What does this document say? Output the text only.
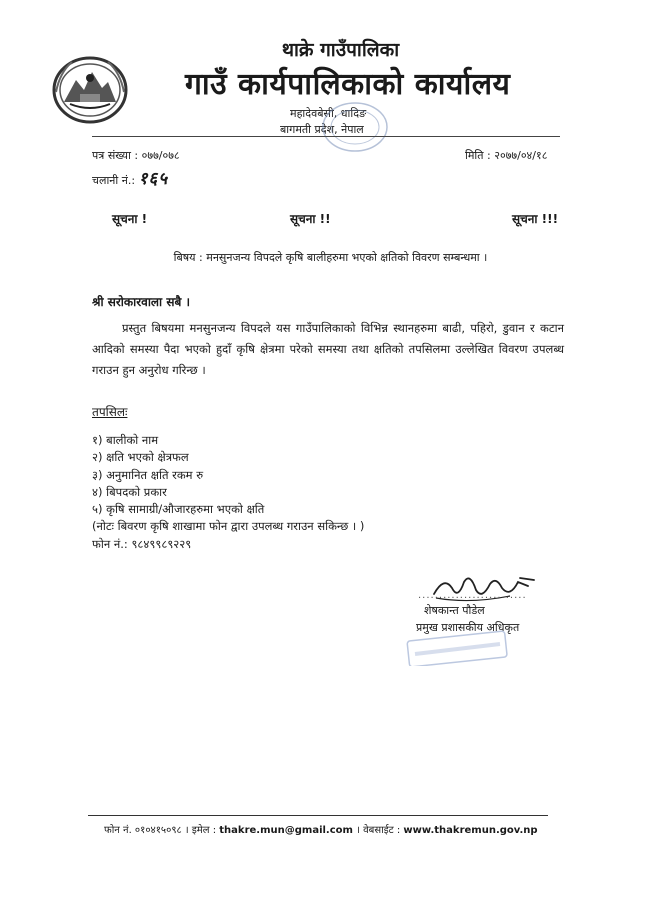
थाक्रे गाउँपालिका
गाउँ कार्यपालिकाको कार्यालय
महादेवबेसी, धादिङ
बागमती प्रदेश, नेपाल
पत्र संख्या : ०७७/०७८
चलानी नं.: १६५
मिति : २०७७/०४/१८
सूचना !	सूचना !!	सूचना !!!
बिषय : मनसुनजन्य विपदले कृषि बालीहरुमा भएको क्षतिको विवरण सम्बन्धमा ।
श्री सरोकारवाला सबै ।
प्रस्तुत बिषयमा मनसुनजन्य विपदले यस गाउँपालिकाको विभिन्न स्थानहरुमा बाढी, पहिरो, डुवान र कटान आदिको समस्या पैदा भएको हुदाँ कृषि क्षेत्रमा परेको समस्या तथा क्षतिको तपसिलमा उल्लेखित विवरण उपलब्ध गराउन हुन अनुरोध गरिन्छ ।
तपसिलः
१) बालीको नाम
२) क्षति भएको क्षेत्रफल
३) अनुमानित क्षति रकम रु
४) बिपदको प्रकार
५) कृषि सामाग्री/औजारहरुमा भएको क्षति
(नोटः बिवरण कृषि शाखामा फोन द्वारा उपलब्ध गराउन सकिन्छ । )
फोन नं.: ९८४९९८९२२९
..........................
शेषकान्त पौडेल
प्रमुख प्रशासकीय अधिकृत
फोन नं. ०१०४१५०९८ । इमेल : thakre.mun@gmail.com । वेबसाईट : www.thakremun.gov.np
